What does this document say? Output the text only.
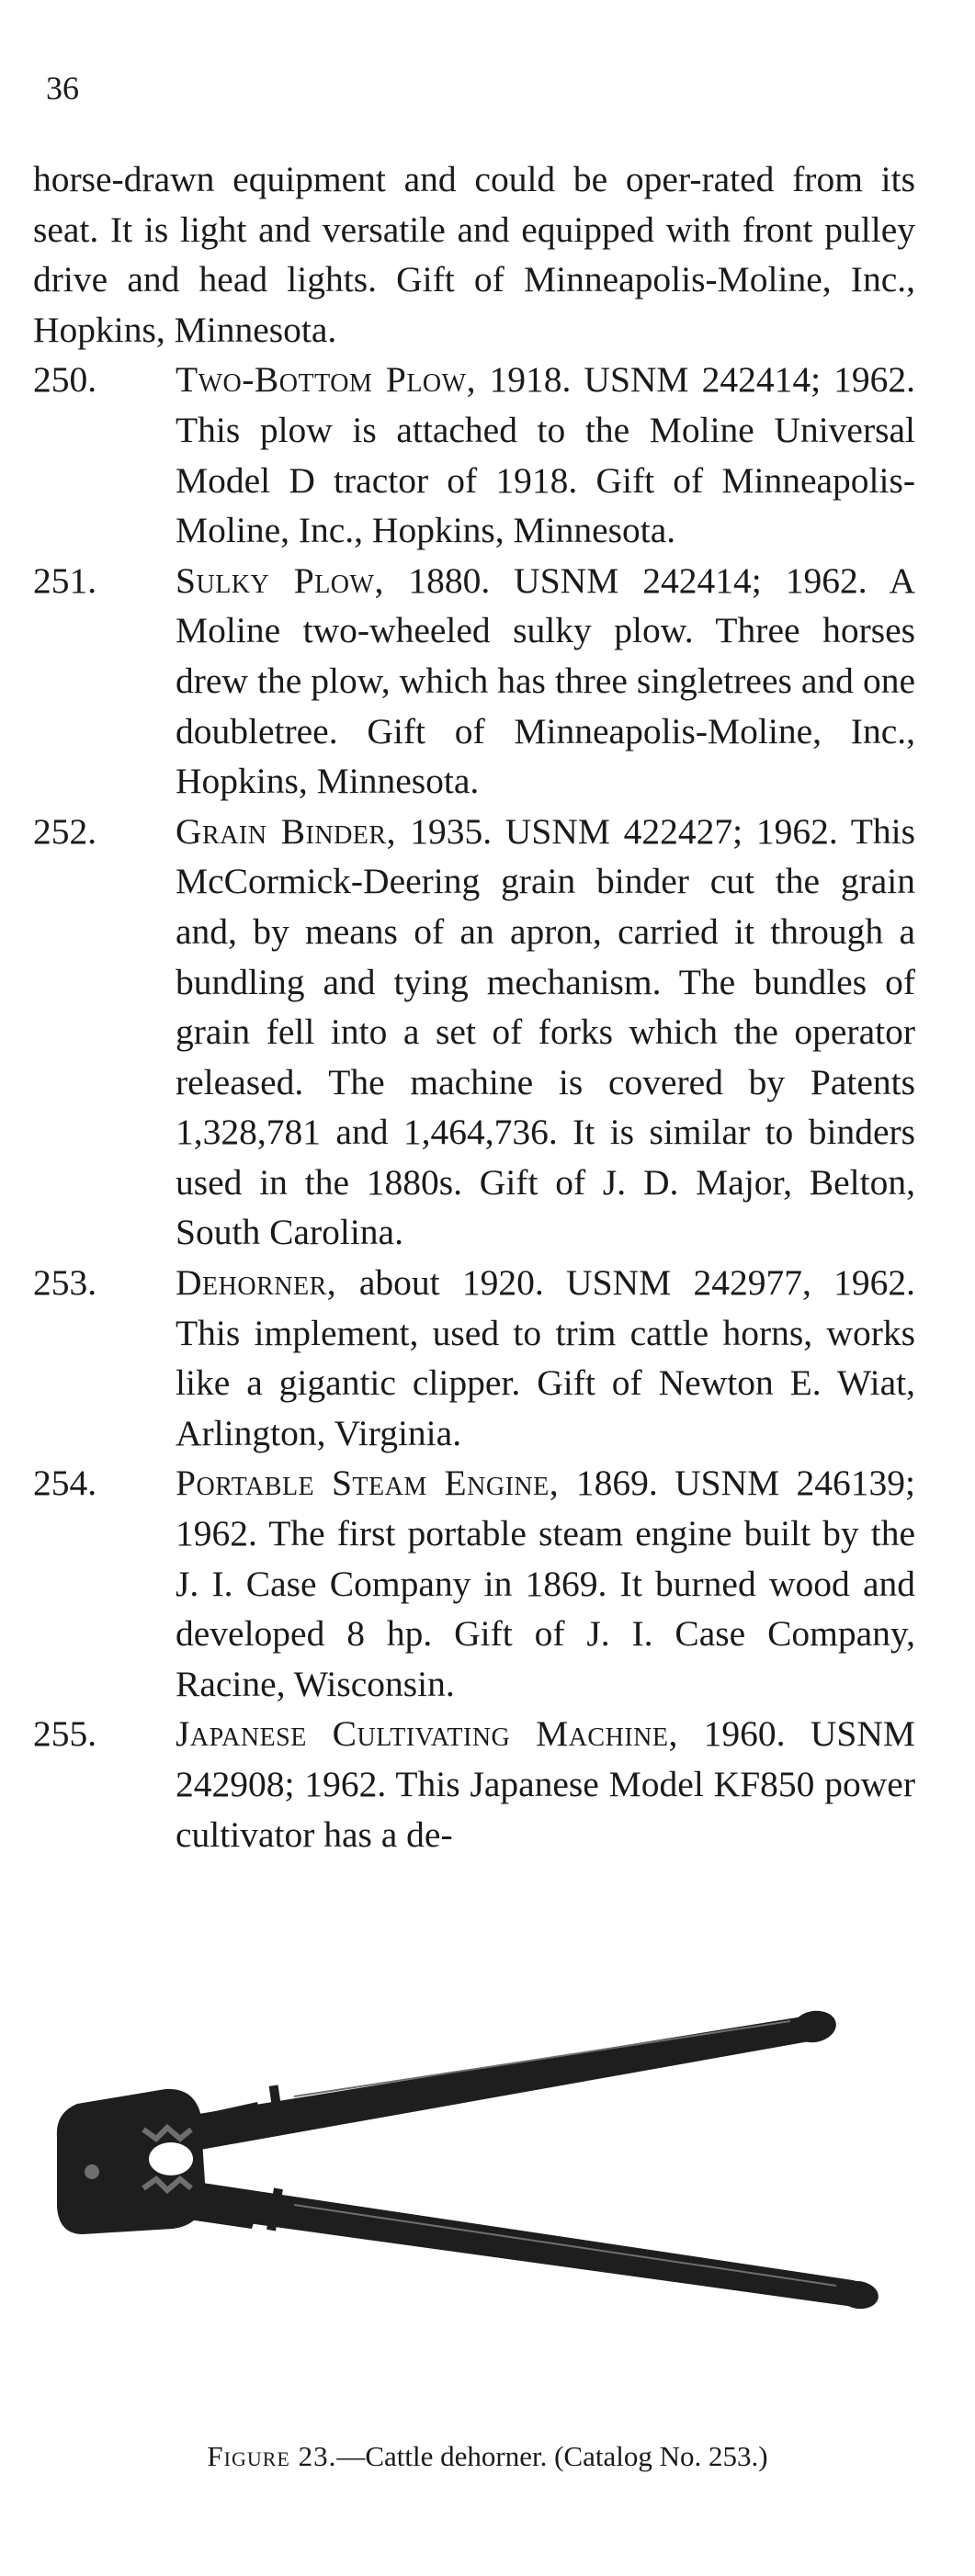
36

horse-drawn equipment and could be oper-rated from its seat. It is light and versatile and equipped with front pulley drive and head lights. Gift of Minneapolis-Moline, Inc., Hopkins, Minnesota.

250.	Two-Bottom Plow, 1918. USNM 242414; 1962. This plow is attached to the Moline Universal Model D tractor of 1918. Gift of Minneapolis-Moline, Inc., Hopkins, Minnesota.
251.	Sulky Plow, 1880. USNM 242414; 1962. A Moline two-wheeled sulky plow. Three horses drew the plow, which has three singletrees and one doubletree. Gift of Minneapolis-Moline, Inc., Hopkins, Minnesota.
252.	Grain Binder, 1935. USNM 422427; 1962. This McCormick-Deering grain binder cut the grain and, by means of an apron, carried it through a bundling and tying mechanism. The bundles of grain fell into a set of forks which the operator released. The machine is covered by Patents 1,328,781 and 1,464,736. It is similar to binders used in the 1880s. Gift of J. D. Major, Belton, South Carolina.
253.	Dehorner, about 1920. USNM 242977, 1962. This implement, used to trim cattle horns, works like a gigantic clipper. Gift of Newton E. Wiat, Arlington, Virginia.
254.	Portable Steam Engine, 1869. USNM 246139; 1962. The first portable steam engine built by the J. I. Case Company in 1869. It burned wood and developed 8 hp. Gift of J. I. Case Company, Racine, Wisconsin.
255.	Japanese Cultivating Machine, 1960. USNM 242908; 1962. This Japanese Model KF850 power cultivator has a de-
Figure 23.—Cattle dehorner. (Catalog No. 253.)
